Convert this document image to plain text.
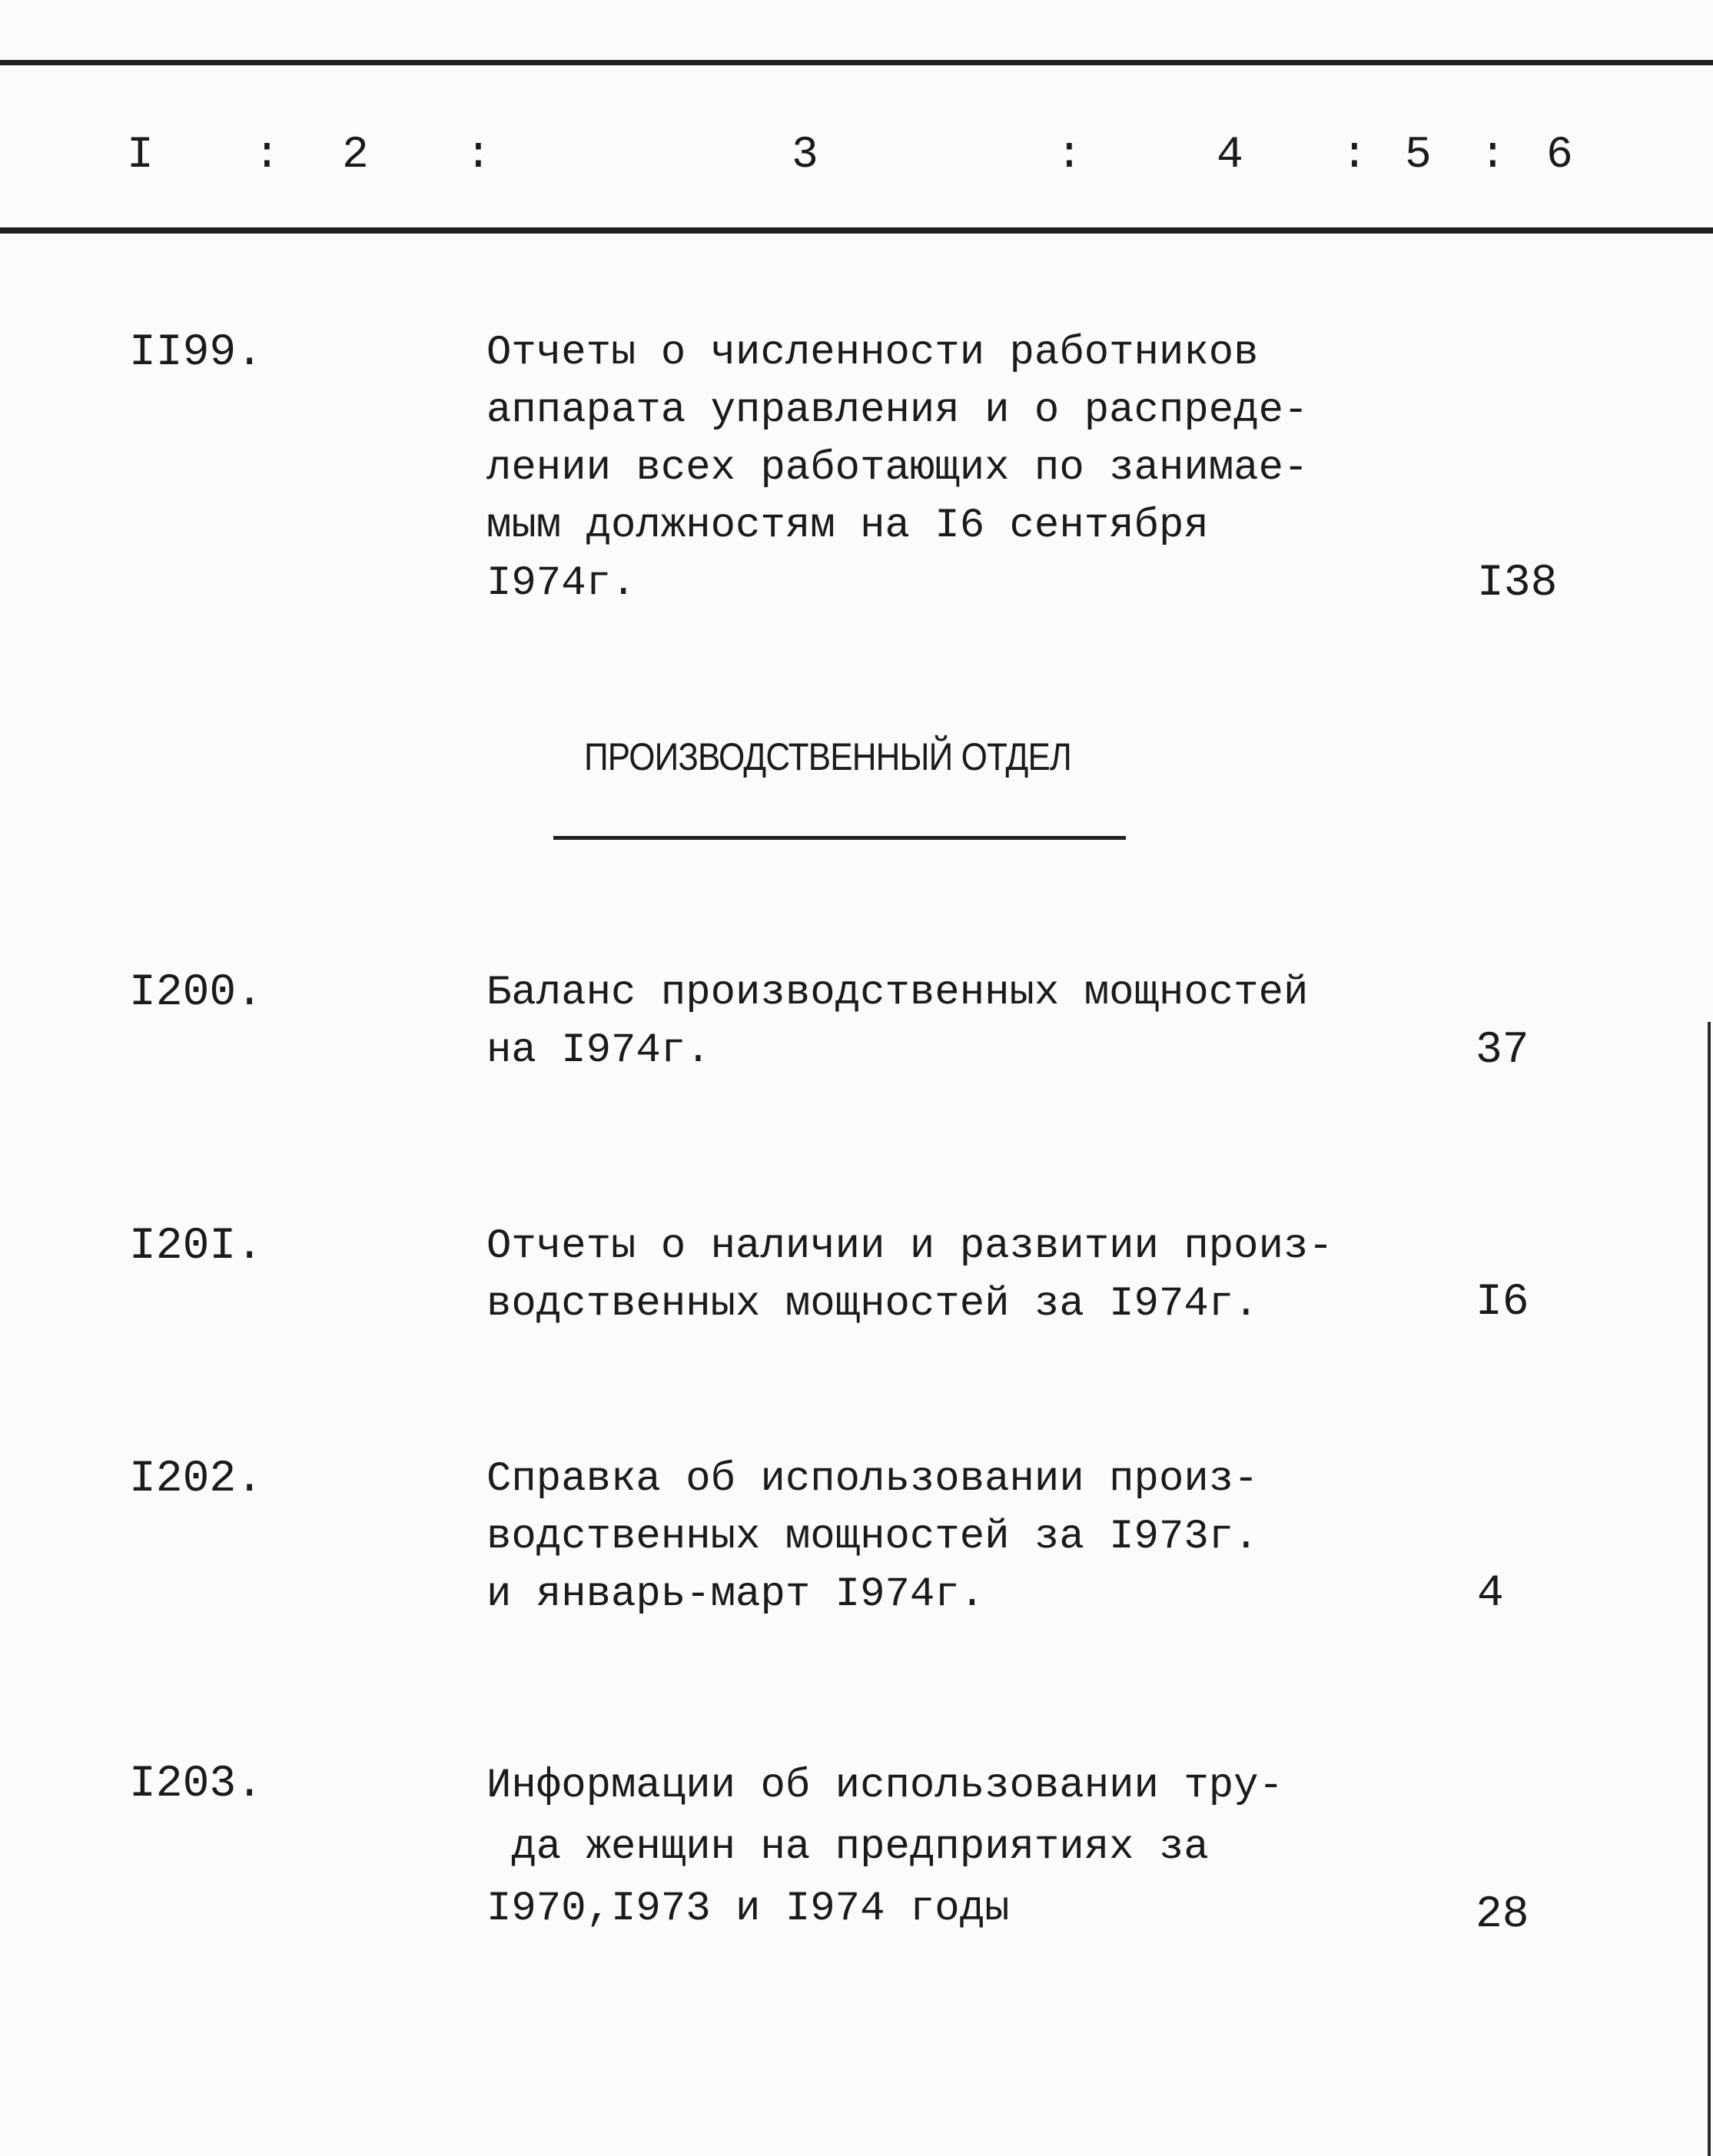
I : 2 :	3	:	4 : 5 : 6
II99.	Отчеты о численности работников
аппарата управления и о распреде-
лении всех работающих по занимае-
мым должностям на I6 сентября
I974г.	I38
ПРОИЗВОДСТВЕННЫЙ ОТДЕЛ
I200.	Баланс производственных мощностей
на I974г.	37
I20I.	Отчеты о наличии и развитии произ-
водственных мощностей за I974г.	I6
I202.	Справка об использовании произ-
водственных мощностей за I973г.
и январь-март I974г.	4
I203.	Информации об использовании тру-
да женщин на предприятиях за
I970,I973 и I974 годы	28
